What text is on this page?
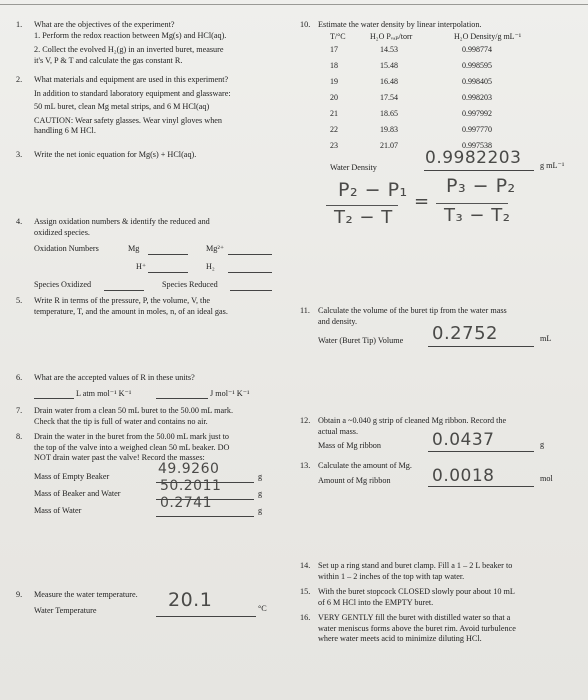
1. What are the objectives of the experiment?
1. Perform the redox reaction between Mg(s) and HCl(aq).
2. Collect the evolved H₂(g) in an inverted buret, measure
it's V, P & T and calculate the gas constant R.
2. What materials and equipment are used in this experiment?
In addition to standard laboratory equipment and glassware:
50 mL buret, clean Mg metal strips, and 6 M HCl(aq)
CAUTION: Wear safety glasses. Wear vinyl gloves when
handling 6 M HCl.
3. Write the net ionic equation for Mg(s) + HCl(aq).
4. Assign oxidation numbers & identify the reduced and
oxidized species.
Oxidation Numbers	Mg	Mg²⁺
H⁺	H₂
Species Oxidized	Species Reduced
5. Write R in terms of the pressure, P, the volume, V, the
temperature, T, and the amount in moles, n, of an ideal gas.
6. What are the accepted values of R in these units?
L atm mol⁻¹ K⁻¹	J mol⁻¹ K⁻¹
7. Drain water from a clean 50 mL buret to the 50.00 mL mark.
Check that the tip is full of water and contains no air.
8. Drain the water in the buret from the 50.00 mL mark just to
the top of the valve into a weighed clean 50 mL beaker. DO
NOT drain water past the valve! Record the masses:
Mass of Empty Beaker	49.9260	g
Mass of Beaker and Water	50.2011	g
Mass of Water	0.2741	g
9. Measure the water temperature.
Water Temperature	20.1	°C
10. Estimate the water density by linear interpolation.
T/°C	H₂O Pᵥₐₚ/torr	H₂O Density/g mL⁻¹
17	14.53	0.998774
18	15.48	0.998595
19	16.48	0.998405
20	17.54	0.998203
21	18.65	0.997992
22	19.83	0.997770
23	21.07	0.997538
Water Density	0.9982203 g mL⁻¹
P₂ − P₁
T₂ − T
=
P₃ − P₂
T₃ − T₂
11. Calculate the volume of the buret tip from the water mass
and density.
Water (Buret Tip) Volume 0.2752	mL
12. Obtain a ~0.040 g strip of cleaned Mg ribbon. Record the
actual mass.
Mass of Mg ribbon	0.0437	g
13. Calculate the amount of Mg.
Amount of Mg ribbon 0.0018	mol
14. Set up a ring stand and buret clamp. Fill a 1 – 2 L beaker to
within 1 – 2 inches of the top with tap water.
15. With the buret stopcock CLOSED slowly pour about 10 mL
of 6 M HCl into the EMPTY buret.
16. VERY GENTLY fill the buret with distilled water so that a
water meniscus forms above the buret rim. Avoid turbulence
where water meets acid to minimize diluting HCl.
